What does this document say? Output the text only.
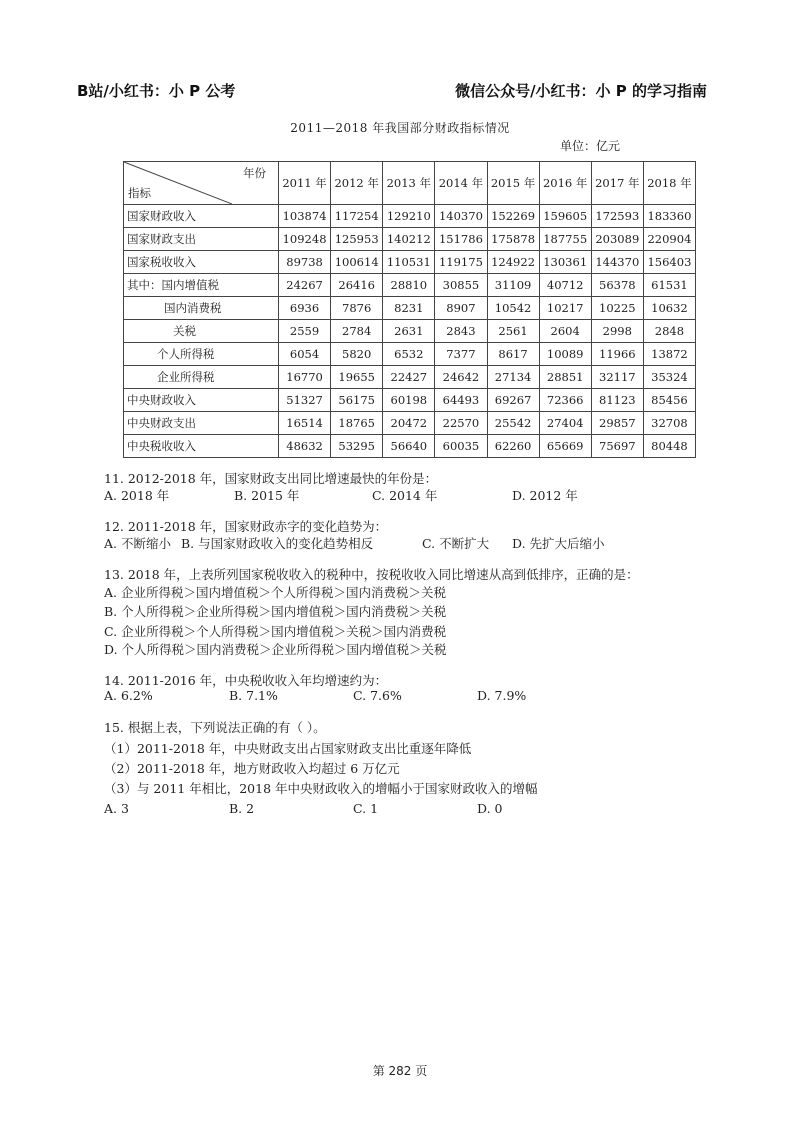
B站/小红书：小 P 公考	微信公众号/小红书：小 P 的学习指南
2011—2018 年我国部分财政指标情况
单位：亿元
年份
指标	2011 年	2012 年	2013 年	2014 年	2015 年	2016 年	2017 年	2018 年
国家财政收入	103874	117254	129210	140370	152269	159605	172593	183360
国家财政支出	109248	125953	140212	151786	175878	187755	203089	220904
国家税收收入	89738	100614	110531	119175	124922	130361	144370	156403
其中：国内增值税	24267	26416	28810	30855	31109	40712	56378	61531
国内消费税	6936	7876	8231	8907	10542	10217	10225	10632
关税	2559	2784	2631	2843	2561	2604	2998	2848
个人所得税	6054	5820	6532	7377	8617	10089	11966	13872
企业所得税	16770	19655	22427	24642	27134	28851	32117	35324
中央财政收入	51327	56175	60198	64493	69267	72366	81123	85456
中央财政支出	16514	18765	20472	22570	25542	27404	29857	32708
中央税收收入	48632	53295	56640	60035	62260	65669	75697	80448
11. 2012-2018 年，国家财政支出同比增速最快的年份是：
A. 2018 年	B. 2015 年	C. 2014 年	D. 2012 年
12. 2011-2018 年，国家财政赤字的变化趋势为：
A. 不断缩小 B. 与国家财政收入的变化趋势相反	C. 不断扩大 D. 先扩大后缩小
13. 2018 年，上表所列国家税收收入的税种中，按税收收入同比增速从高到低排序，正确的是：
A. 企业所得税＞国内增值税＞个人所得税＞国内消费税＞关税
B. 个人所得税＞企业所得税＞国内增值税＞国内消费税＞关税
C. 企业所得税＞个人所得税＞国内增值税＞关税＞国内消费税
D. 个人所得税＞国内消费税＞企业所得税＞国内增值税＞关税
14. 2011-2016 年，中央税收收入年均增速约为：
A. 6.2%	B. 7.1%	C. 7.6%	D. 7.9%
15. 根据上表，下列说法正确的有（ ）。
（1）2011-2018 年，中央财政支出占国家财政支出比重逐年降低
（2）2011-2018 年，地方财政收入均超过 6 万亿元
（3）与 2011 年相比，2018 年中央财政收入的增幅小于国家财政收入的增幅
A. 3	B. 2	C. 1	D. 0
第 282 页
